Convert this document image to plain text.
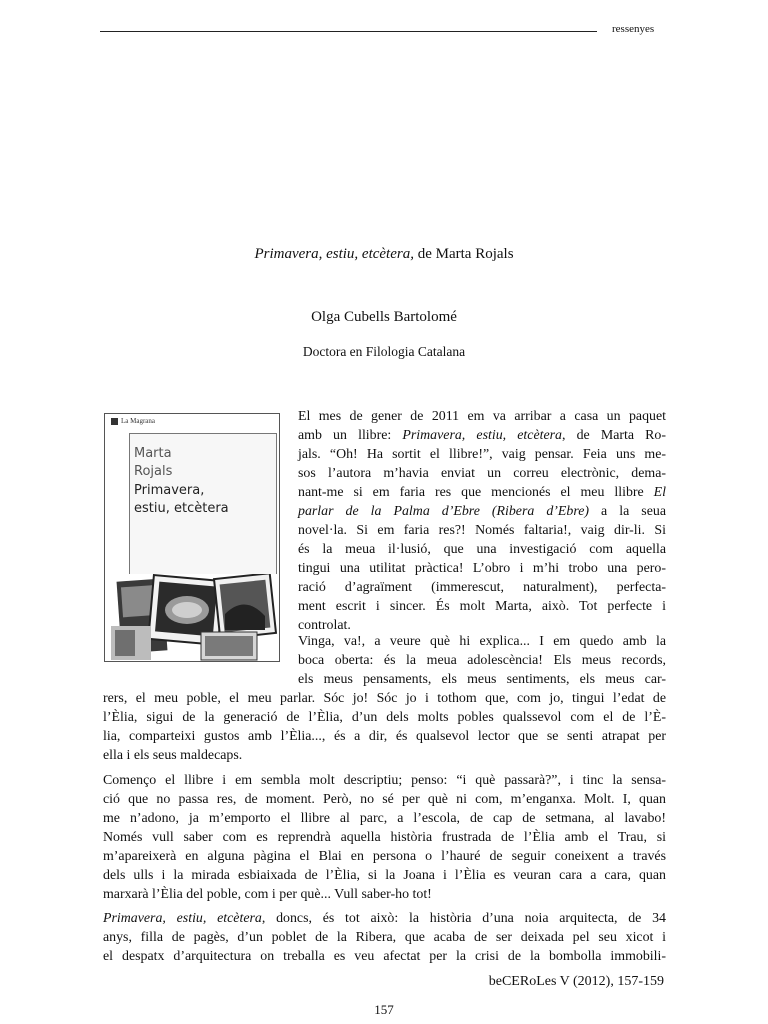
ressenyes
Primavera, estiu, etcètera, de Marta Rojals
Olga Cubells Bartolomé
Doctora en Filologia Catalana
La Magrana
Marta
Rojals
Primavera,
estiu, etcètera
El mes de gener de 2011 em va arribar a casa un paquet
amb un llibre: Primavera, estiu, etcètera, de Marta Ro-
jals. “Oh! Ha sortit el llibre!”, vaig pensar. Feia uns me-
sos l’autora m’havia enviat un correu electrònic, dema-
nant-me si em faria res que mencionés el meu llibre El
parlar de la Palma d’Ebre (Ribera d’Ebre) a la seua
novel·la. Si em faria res?! Només faltaria!, vaig dir-li. Si
és la meua il·lusió, que una investigació com aquella
tingui una utilitat pràctica! L’obro i m’hi trobo una pero-
ració d’agraïment (immerescut, naturalment), perfecta-
ment escrit i sincer. És molt Marta, això. Tot perfecte i
controlat.
Vinga, va!, a veure què hi explica... I em quedo amb la
boca oberta: és la meua adolescència! Els meus records,
els meus pensaments, els meus sentiments, els meus car-
rers, el meu poble, el meu parlar. Sóc jo! Sóc jo i tothom que, com jo, tingui l’edat de
l’Èlia, sigui de la generació de l’Èlia, d’un dels molts pobles qualssevol com el de l’È-
lia, comparteixi gustos amb l’Èlia..., és a dir, és qualsevol lector que se senti atrapat per
ella i els seus maldecaps.
Començo el llibre i em sembla molt descriptiu; penso: “i què passarà?”, i tinc la sensa-
ció que no passa res, de moment. Però, no sé per què ni com, m’enganxa. Molt. I, quan
me n’adono, ja m’emporto el llibre al parc, a l’escola, de cap de setmana, al lavabo!
Només vull saber com es reprendrà aquella història frustrada de l’Èlia amb el Trau, si
m’apareixerà en alguna pàgina el Blai en persona o l’hauré de seguir coneixent a través
dels ulls i la mirada esbiaixada de l’Èlia, si la Joana i l’Èlia es veuran cara a cara, quan
marxarà l’Èlia del poble, com i per què... Vull saber-ho tot!
Primavera, estiu, etcètera, doncs, és tot això: la història d’una noia arquitecta, de 34
anys, filla de pagès, d’un poblet de la Ribera, que acaba de ser deixada pel seu xicot i
el despatx d’arquitectura on treballa es veu afectat per la crisi de la bombolla immobili-
beCERoLes V (2012), 157-159
157
